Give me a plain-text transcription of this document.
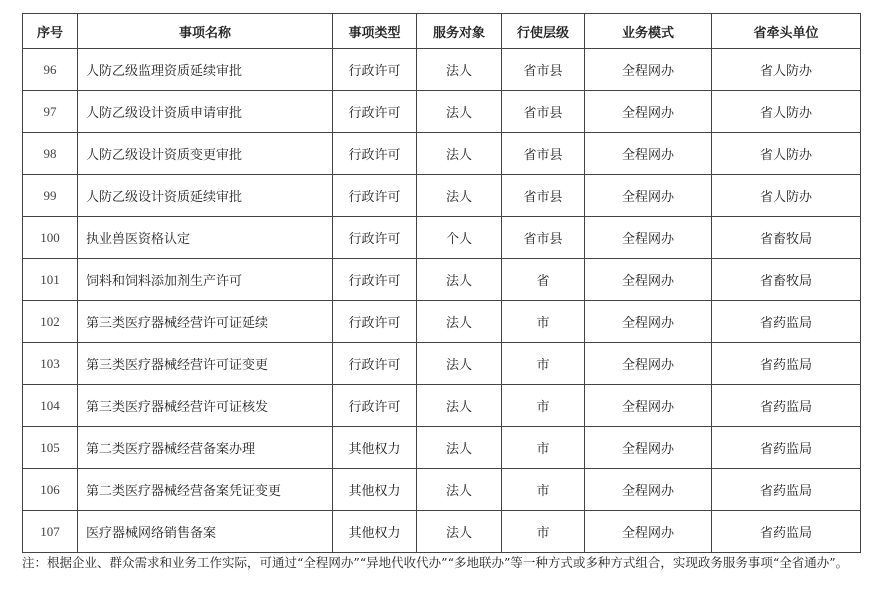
序号	事项名称	事项类型	服务对象	行使层级	业务模式	省牵头单位
96	人防乙级监理资质延续审批	行政许可	法人	省市县	全程网办	省人防办
97	人防乙级设计资质申请审批	行政许可	法人	省市县	全程网办	省人防办
98	人防乙级设计资质变更审批	行政许可	法人	省市县	全程网办	省人防办
99	人防乙级设计资质延续审批	行政许可	法人	省市县	全程网办	省人防办
100	执业兽医资格认定	行政许可	个人	省市县	全程网办	省畜牧局
101	饲料和饲料添加剂生产许可	行政许可	法人	省	全程网办	省畜牧局
102	第三类医疗器械经营许可证延续	行政许可	法人	市	全程网办	省药监局
103	第三类医疗器械经营许可证变更	行政许可	法人	市	全程网办	省药监局
104	第三类医疗器械经营许可证核发	行政许可	法人	市	全程网办	省药监局
105	第二类医疗器械经营备案办理	其他权力	法人	市	全程网办	省药监局
106	第二类医疗器械经营备案凭证变更	其他权力	法人	市	全程网办	省药监局
107	医疗器械网络销售备案	其他权力	法人	市	全程网办	省药监局
注：根据企业、群众需求和业务工作实际，可通过“全程网办”“异地代收代办”“多地联办”等一种方式或多种方式组合，实现政务服务事项“全省通办”。
